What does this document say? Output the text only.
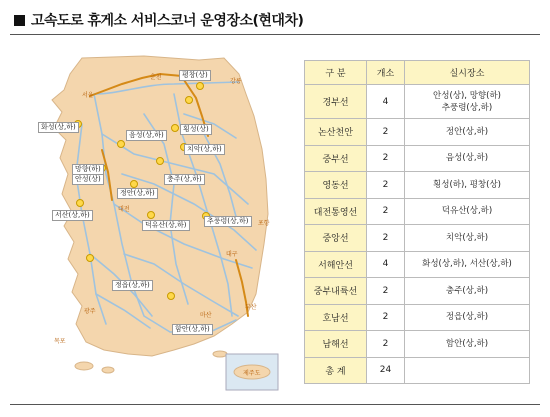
고속도로 휴게소 서비스코너 운영장소(현대차)
춘천
서울
강릉
대전
포항
대구
광주
목포
부산
마산
제주도
평창(상)
화성(상,하)
음성(상,하)
횡성(상)
망향(하)
안성(상)
치악(상,하)
정안(상,하)
충주(상,하)
서산(상,하)
추풍령(상,하)
덕유산(상,하)
정읍(상,하)
함안(상,하)
구 분	개소	실시장소
경부선	4	안성(상), 망향(하)
추풍령(상,하)

논산천안	2	정안(상,하)
중부선	2	음성(상,하)
영동선	2	횡성(하), 평창(상)
대전통영선	2	덕유산(상,하)
중앙선	2	치악(상,하)
서해안선	4	화성(상,하), 서산(상,하)
중부내륙선	2	충주(상,하)
호남선	2	정읍(상,하)
남해선	2	함안(상,하)
총 계	24	
